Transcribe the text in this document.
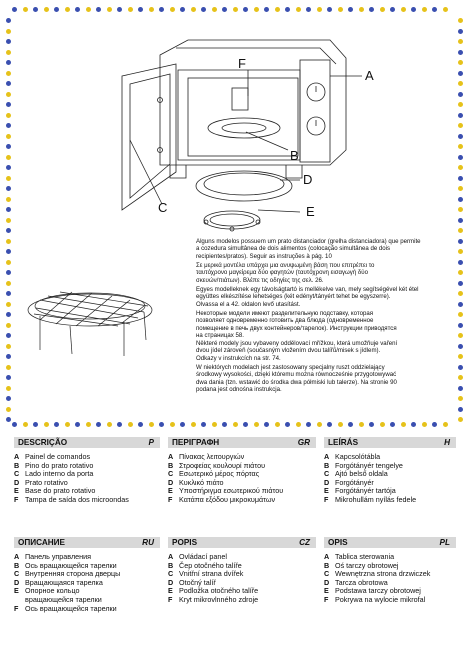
F
A
B
D
E
C
Alguns modelos possuem um prato distanciador (grelha distanciadora) que permite
a cozedura simultânea de dois alimentos (colocação simultânea de dois
recipientes/pratos). Seguir as instruções à pág. 10
Σε μερικά μοντέλα υπάρχει μια ανυψωμένη βάση που επιτρέπει το
ταυτόχρονο μαγείρεμα δύο φαγητών (ταυτόχρονη εισαγωγή δύο
σκευών/πιάτων). Βλέπε τις οδηγίες της σελ. 26.
Egyes modelleknek egy távolságtartó is mellékelve van, mely segítségével két étel
együttes elkészítése lehetséges (két edényt/tányért tehet be egyszerre).
Olvassa el a 42. oldalon levő utasítást.
Некоторые модели имеют разделительную подставку, которая
позволяет одновременно готовить два блюда (одновременное
помещение в печь двух контейнеров/тарелок). Инструкции приводятся
на страницах 58.
Některé modely jsou vybaveny oddělovací mřížkou, která umožňuje vaření
dvou jídel zároveň (současným vložením dvou talířů/misek s jídlem).
Odkazy v instrukcích na str. 74.
W niektórych modelach jest zastosowany specjalny ruszt oddzielający
środkowy wysokości, dzięki któremu można równocześnie przygotowywać
dwa dania (tzn. wstawić do środka dwa półmiski lub talerze). Na stronie 90
podana jest odnośna instrukcja.
DESCRIÇÃO	P
A Painel de comandos
B Pino do prato rotativo
C Lado interno da porta
D Prato rotativo
E Base do prato rotativo
F Tampa de saída dos microondas
ΠΕΡΙΓΡΑΦΗ	GR
A Πίνακας λειτουργιών
B Στροφείας κουλουρί πιάτου
C Εσωτερικό μέρος πόρτας
D Κυκλικό πιάτο
E Υποστήριγμα εσωτερικού πιάτου
F Κατάπα εξόδου μικροκυμάτων
LEÍRÁS	H
A Kapcsolótábla
B Forgótányér tengelye
C Ajtó belső oldala
D Forgótányér
E Forgótányér tartója
F Mikrohullám nyílás fedele
ОПИСАНИЕ	RU
A Панель управления
B Ось вращающейся тарелки
C Внутренняя сторона дверцы
D Вращающаяся тарелка
E Опорное кольцо
вращающейся тарелки
F Ось вращающейся тарелки
POPIS	CZ
A Ovládací panel
B Čep otočného talíře
C Vnitřní strana dvířek
D Otočný talíř
E Podložka otočného talíře
F Kryt mikrovlnného zdroje
OPIS	PL
A Tablica sterowania
B Oś tarczy obrotowej
C Wewnętrzna strona drzwiczek
D Tarcza obrotowa
E Podstawa tarczy obrotowej
F Pokrywa na wylocie mikrofal
